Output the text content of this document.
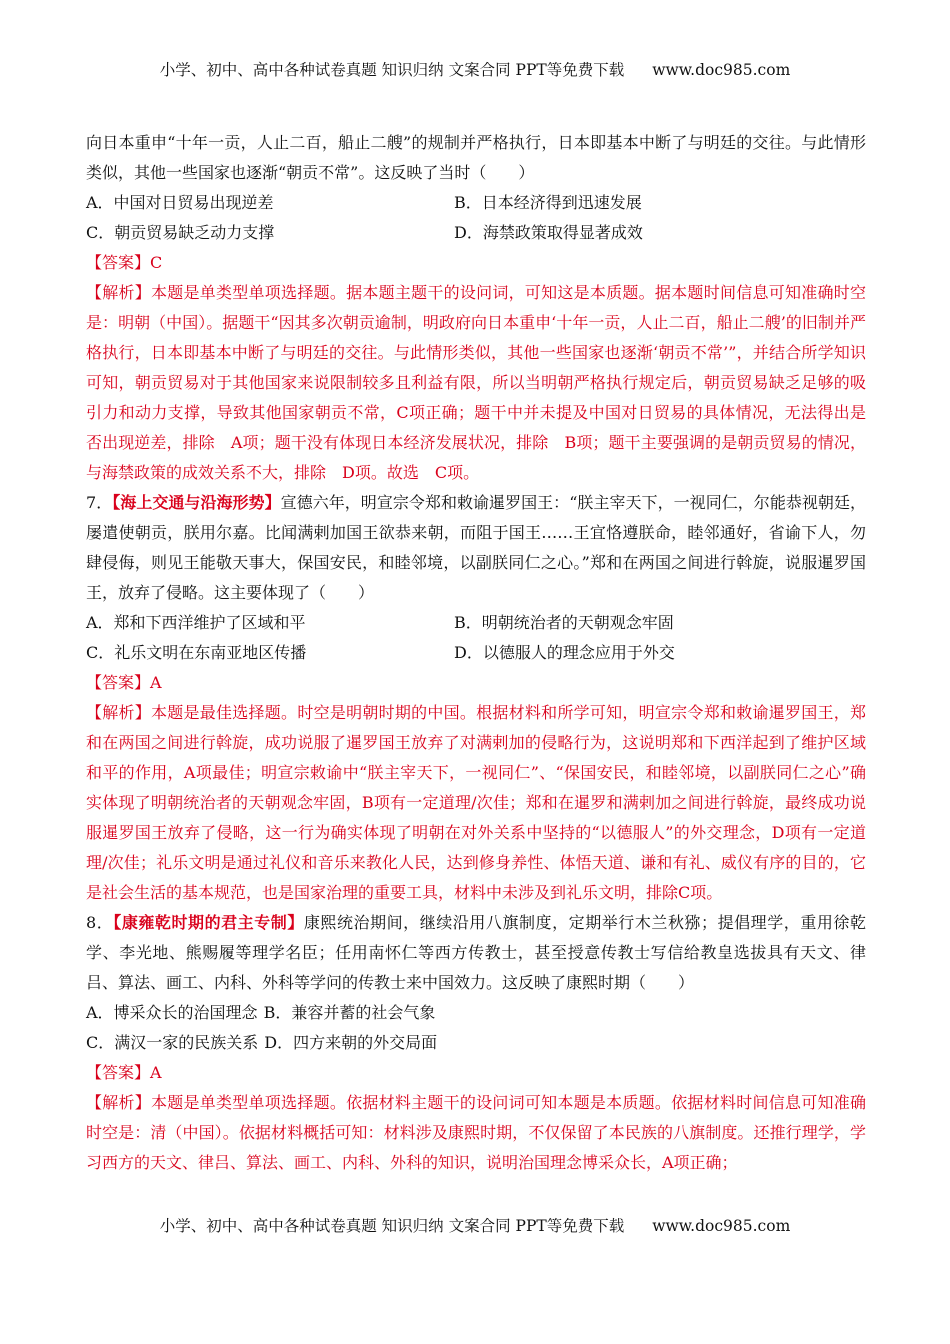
小学、初中、高中各种试卷真题 知识归纳 文案合同 PPT等免费下载 www.doc985.com

向日本重申“十年一贡，人止二百，船止二艘”的规制并严格执行，日本即基本中断了与明廷的交往。与此情形类似，其他一些国家也逐渐“朝贡不常”。这反映了当时（　　）

A．中国对日贸易出现逆差	B．日本经济得到迅速发展
C．朝贡贸易缺乏动力支撑	D．海禁政策取得显著成效

【答案】C

【解析】本题是单类型单项选择题。据本题主题干的设问词，可知这是本质题。据本题时间信息可知准确时空是：明朝（中国）。据题干“因其多次朝贡逾制，明政府向日本重申‘十年一贡，人止二百，船止二艘’的旧制并严格执行，日本即基本中断了与明廷的交往。与此情形类似，其他一些国家也逐渐‘朝贡不常’”，并结合所学知识可知，朝贡贸易对于其他国家来说限制较多且利益有限，所以当明朝严格执行规定后，朝贡贸易缺乏足够的吸引力和动力支撑，导致其他国家朝贡不常，C项正确；题干中并未提及中国对日贸易的具体情况，无法得出是否出现逆差，排除　A项；题干没有体现日本经济发展状况，排除　B项；题干主要强调的是朝贡贸易的情况，与海禁政策的成效关系不大，排除　D项。故选　C项。

7．【海上交通与沿海形势】宣德六年，明宣宗令郑和敕谕暹罗国王：“朕主宰天下，一视同仁，尔能恭视朝廷，屡遣使朝贡，朕用尔嘉。比闻满剌加国王欲恭来朝，而阻于国王……王宜恪遵朕命，睦邻通好，省谕下人，勿肆侵侮，则见王能敬天事大，保国安民，和睦邻境，以副朕同仁之心。”郑和在两国之间进行斡旋，说服暹罗国王，放弃了侵略。这主要体现了（　　）

A．郑和下西洋维护了区域和平	B．明朝统治者的天朝观念牢固
C．礼乐文明在东南亚地区传播	D．以德服人的理念应用于外交

【答案】A

【解析】本题是最佳选择题。时空是明朝时期的中国。根据材料和所学可知，明宣宗令郑和敕谕暹罗国王，郑和在两国之间进行斡旋，成功说服了暹罗国王放弃了对满剌加的侵略行为，这说明郑和下西洋起到了维护区域和平的作用，A项最佳；明宣宗敕谕中“朕主宰天下，一视同仁”、“保国安民，和睦邻境，以副朕同仁之心”确实体现了明朝统治者的天朝观念牢固，B项有一定道理/次佳；郑和在暹罗和满剌加之间进行斡旋，最终成功说服暹罗国王放弃了侵略，这一行为确实体现了明朝在对外关系中坚持的“以德服人”的外交理念，D项有一定道理/次佳；礼乐文明是通过礼仪和音乐来教化人民，达到修身养性、体悟天道、谦和有礼、威仪有序的目的，它是社会生活的基本规范，也是国家治理的重要工具，材料中未涉及到礼乐文明，排除C项。

8．【康雍乾时期的君主专制】康熙统治期间，继续沿用八旗制度，定期举行木兰秋猕；提倡理学，重用徐乾学、李光地、熊赐履等理学名臣；任用南怀仁等西方传教士，甚至授意传教士写信给教皇选拔具有天文、律吕、算法、画工、内科、外科等学问的传教士来中国效力。这反映了康熙时期（　　）

A．博采众长的治国理念 B．兼容并蓄的社会气象
C．满汉一家的民族关系 D．四方来朝的外交局面

【答案】A

【解析】本题是单类型单项选择题。依据材料主题干的设问词可知本题是本质题。依据材料时间信息可知准确时空是：清（中国）。依据材料概括可知：材料涉及康熙时期，不仅保留了本民族的八旗制度。还推行理学，学习西方的天文、律吕、算法、画工、内科、外科的知识，说明治国理念博采众长，A项正确；

小学、初中、高中各种试卷真题 知识归纳 文案合同 PPT等免费下载 www.doc985.com
